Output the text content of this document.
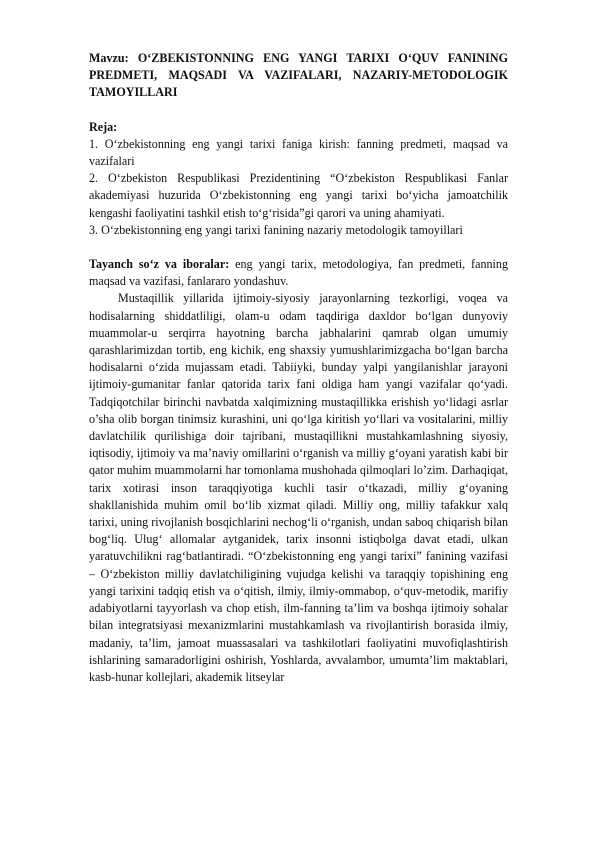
Mavzu: O‘ZBEKISTONNING ENG YANGI TARIXI O‘QUV FANINING PREDMETI, MAQSADI VA VAZIFALARI, NAZARIY-METODOLOGIK TAMOYILLARI

Reja:

1. O‘zbekistonning eng yangi tarixi faniga kirish: fanning predmeti, maqsad va vazifalari
2. O‘zbekiston Respublikasi Prezidentining “O‘zbekiston Respublikasi Fanlar akademiyasi huzurida O‘zbekistonning eng yangi tarixi bo‘yicha jamoatchilik kengashi faoliyatini tashkil etish to‘g‘risida”gi qarori va uning ahamiyati.
3. O‘zbekistonning eng yangi tarixi fanining nazariy metodologik tamoyillari

Tayanch so‘z va iboralar: eng yangi tarix, metodologiya, fan predmeti, fanning maqsad va vazifasi, fanlararo yondashuv.

Mustaqillik yillarida ijtimoiy-siyosiy jarayonlarning tezkorligi, voqea va hodisalarning shiddatliligi, olam-u odam taqdiriga daxldor bo‘lgan dunyoviy muammolar-u serqirra hayotning barcha jabhalarini qamrab olgan umumiy qarashlarimizdan tortib, eng kichik, eng shaxsiy yumushlarimizgacha bo‘lgan barcha hodisalarni o‘zida mujassam etadi. Tabiiyki, bunday yalpi yangilanishlar jarayoni ijtimoiy-gumanitar fanlar qatorida tarix fani oldiga ham yangi vazifalar qo‘yadi. Tadqiqotchilar birinchi navbatda xalqimizning mustaqillikka erishish yo‘lidagi asrlar o’sha olib borgan tinimsiz kurashini, uni qo‘lga kiritish yo‘llari va vositalarini, milliy davlatchilik qurilishiga doir tajribani, mustaqillikni mustahkamlashning siyosiy, iqtisodiy, ijtimoiy va ma’naviy omillarini o‘rganish va milliy g‘oyani yaratish kabi bir qator muhim muammolarni har tomonlama mushohada qilmoqlari lo’zim. Darhaqiqat, tarix xotirasi inson taraqqiyotiga kuchli tasir o‘tkazadi, milliy g‘oyaning shakllanishida muhim omil bo‘lib xizmat qiladi. Milliy ong, milliy tafakkur xalq tarixi, uning rivojlanish bosqichlarini nechog‘li o‘rganish, undan saboq chiqarish bilan bog‘liq. Ulug‘ allomalar aytganidek, tarix insonni istiqbolga davat etadi, ulkan yaratuvchilikni rag‘batlantiradi. “O‘zbekistonning eng yangi tarixi” fanining vazifasi – O‘zbekiston milliy davlatchiligining vujudga kelishi va taraqqiy topishining eng yangi tarixini tadqiq etish va o‘qitish, ilmiy, ilmiy-ommabop, o‘quv-metodik, marifiy adabiyotlarni tayyorlash va chop etish, ilm-fanning ta’lim va boshqa ijtimoiy sohalar bilan integratsiyasi mexanizmlarini mustahkamlash va rivojlantirish borasida ilmiy, madaniy, ta’lim, jamoat muassasalari va tashkilotlari faoliyatini muvofiqlashtirish ishlarining samaradorligini oshirish, Yoshlarda, avvalambor, umumta’lim maktablari, kasb-hunar kollejlari, akademik litseylar
